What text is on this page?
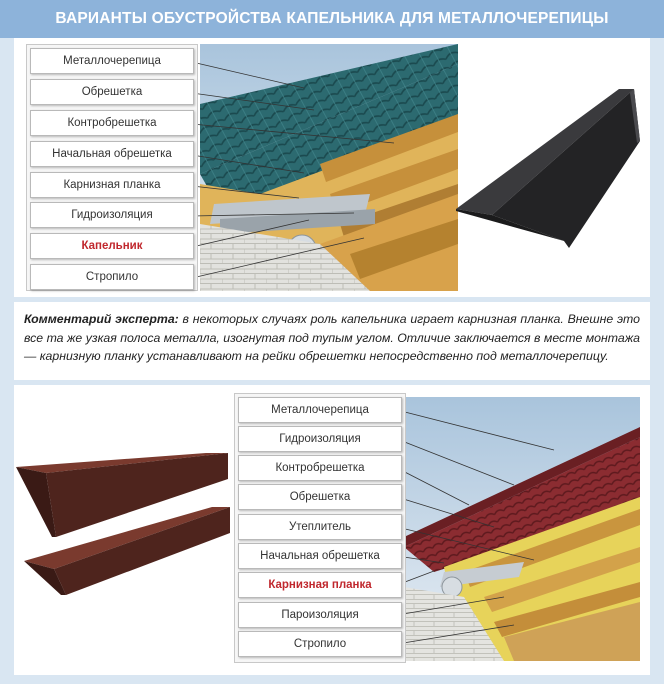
ВАРИАНТЫ ОБУСТРОЙСТВА КАПЕЛЬНИКА ДЛЯ МЕТАЛЛОЧЕРЕПИЦЫ
Металлочерепица
Обрешетка
Контробрешетка
Начальная обрешетка
Карнизная планка
Гидроизоляция
Капельник
Стропило
Комментарий эксперта: в некоторых случаях роль капельника играет карнизная планка. Внешне это все та же узкая полоса металла, изогнутая под тупым углом. Отличие заключается в месте монтажа — карнизную планку устанавливают на рейки обрешетки непосредственно под металлочерепицу.
Металлочерепица
Гидроизоляция
Контробрешетка
Обрешетка
Утеплитель
Начальная обрешетка
Карнизная планка
Пароизоляция
Стропило
